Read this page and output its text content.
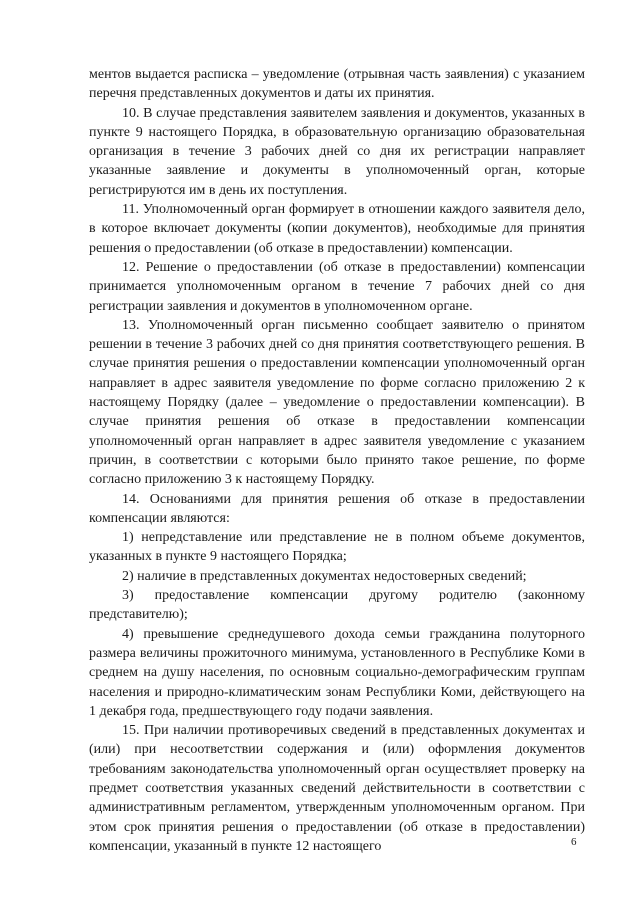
ментов выдается расписка – уведомление (отрывная часть заявления) с указанием перечня представленных документов и даты их принятия.

10. В случае представления заявителем заявления и документов, указанных в пункте 9 настоящего Порядка, в образовательную организацию образовательная организация в течение 3 рабочих дней со дня их регистрации направляет указанные заявление и документы в уполномоченный орган, которые регистрируются им в день их поступления.

11. Уполномоченный орган формирует в отношении каждого заявителя дело, в которое включает документы (копии документов), необходимые для принятия решения о предоставлении (об отказе в предоставлении) компенсации.

12. Решение о предоставлении (об отказе в предоставлении) компенсации принимается уполномоченным органом в течение 7 рабочих дней со дня регистрации заявления и документов в уполномоченном органе.

13. Уполномоченный орган письменно сообщает заявителю о принятом решении в течение 3 рабочих дней со дня принятия соответствующего решения. В случае принятия решения о предоставлении компенсации уполномоченный орган направляет в адрес заявителя уведомление по форме согласно приложению 2 к настоящему Порядку (далее – уведомление о предоставлении компенсации). В случае принятия решения об отказе в предоставлении компенсации уполномоченный орган направляет в адрес заявителя уведомление с указанием причин, в соответствии с которыми было принято такое решение, по форме согласно приложению 3 к настоящему Порядку.

14. Основаниями для принятия решения об отказе в предоставлении компенсации являются:

1) непредставление или представление не в полном объеме документов, указанных в пункте 9 настоящего Порядка;

2) наличие в представленных документах недостоверных сведений;

3) предоставление компенсации другому родителю (законному представителю);

4) превышение среднедушевого дохода семьи гражданина полуторного размера величины прожиточного минимума, установленного в Республике Коми в среднем на душу населения, по основным социально-демографическим группам населения и природно-климатическим зонам Республики Коми, действующего на 1 декабря года, предшествующего году подачи заявления.

15. При наличии противоречивых сведений в представленных документах и (или) при несоответствии содержания и (или) оформления документов требованиям законодательства уполномоченный орган осуществляет проверку на предмет соответствия указанных сведений действительности в соответствии с административным регламентом, утвержденным уполномоченным органом. При этом срок принятия решения о предоставлении (об отказе в предоставлении) компенсации, указанный в пункте 12 настоящего	6
